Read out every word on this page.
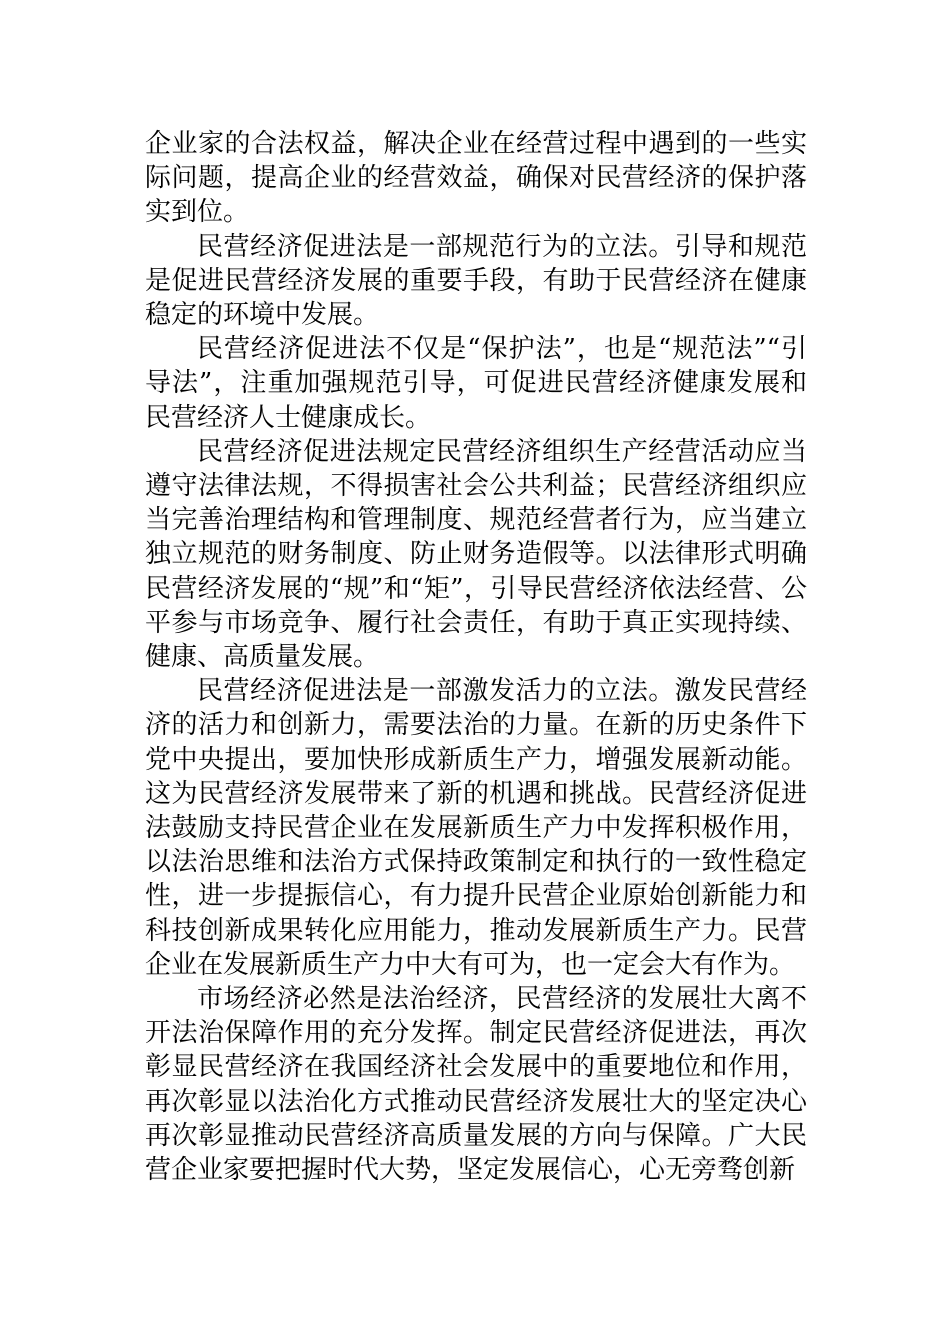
企业家的合法权益，解决企业在经营过程中遇到的一些实际问题，提高企业的经营效益，确保对民营经济的保护落实到位。

民营经济促进法是一部规范行为的立法。引导和规范是促进民营经济发展的重要手段，有助于民营经济在健康稳定的环境中发展。

民营经济促进法不仅是“保护法”，也是“规范法”“引导法”，注重加强规范引导，可促进民营经济健康发展和民营经济人士健康成长。

民营经济促进法规定民营经济组织生产经营活动应当遵守法律法规，不得损害社会公共利益；民营经济组织应当完善治理结构和管理制度、规范经营者行为，应当建立独立规范的财务制度、防止财务造假等。以法律形式明确民营经济发展的“规”和“矩”，引导民营经济依法经营、公平参与市场竞争、履行社会责任，有助于真正实现持续、健康、高质量发展。

民营经济促进法是一部激发活力的立法。激发民营经济的活力和创新力，需要法治的力量。在新的历史条件下党中央提出，要加快形成新质生产力，增强发展新动能。这为民营经济发展带来了新的机遇和挑战。民营经济促进法鼓励支持民营企业在发展新质生产力中发挥积极作用，以法治思维和法治方式保持政策制定和执行的一致性稳定性，进一步提振信心，有力提升民营企业原始创新能力和科技创新成果转化应用能力，推动发展新质生产力。民营企业在发展新质生产力中大有可为，也一定会大有作为。

市场经济必然是法治经济，民营经济的发展壮大离不开法治保障作用的充分发挥。制定民营经济促进法，再次彰显民营经济在我国经济社会发展中的重要地位和作用，再次彰显以法治化方式推动民营经济发展壮大的坚定决心再次彰显推动民营经济高质量发展的方向与保障。广大民营企业家要把握时代大势，坚定发展信心，心无旁骛创新
